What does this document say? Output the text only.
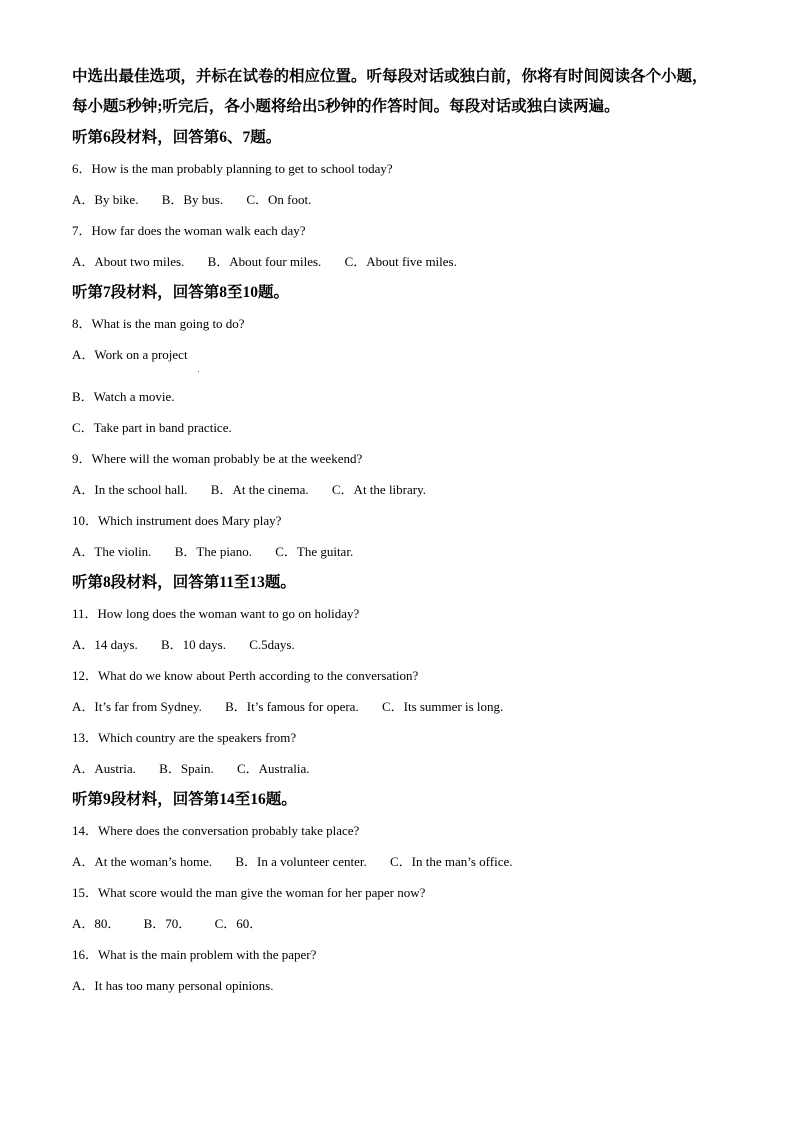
中选出最佳选项，并标在试卷的相应位置。听每段对话或独白前，你将有时间阅读各个小题，每小题5秒钟;听完后，各小题将给出5秒钟的作答时间。每段对话或独白读两遍。

听第6段材料，回答第6、7题。
6．How is the man probably planning to get to school today?
A．By bike. B．By bus. C．On foot.
7．How far does the woman walk each day?
A．About two miles. B．About four miles. C．About five miles.
听第7段材料，回答第8至10题。
8．What is the man going to do?
A．Work on a project
B．Watch a movie.
C．Take part in band practice.
9．Where will the woman probably be at the weekend?
A．In the school hall. B．At the cinema. C．At the library.
10．Which instrument does Mary play?
A．The violin. B．The piano. C．The guitar.
听第8段材料，回答第11至13题。
11．How long does the woman want to go on holiday?
A．14 days. B．10 days. C.5days.
12．What do we know about Perth according to the conversation?
A．It’s far from Sydney. B．It’s famous for opera. C．Its summer is long.
13．Which country are the speakers from?
A．Austria. B．Spain. C．Australia.
听第9段材料，回答第14至16题。
14．Where does the conversation probably take place?
A．At the woman’s home. B．In a volunteer center. C．In the man’s office.
15．What score would the man give the woman for her paper now?
A．80． B．70． C．60．
16．What is the main problem with the paper?
A．It has too many personal opinions.
